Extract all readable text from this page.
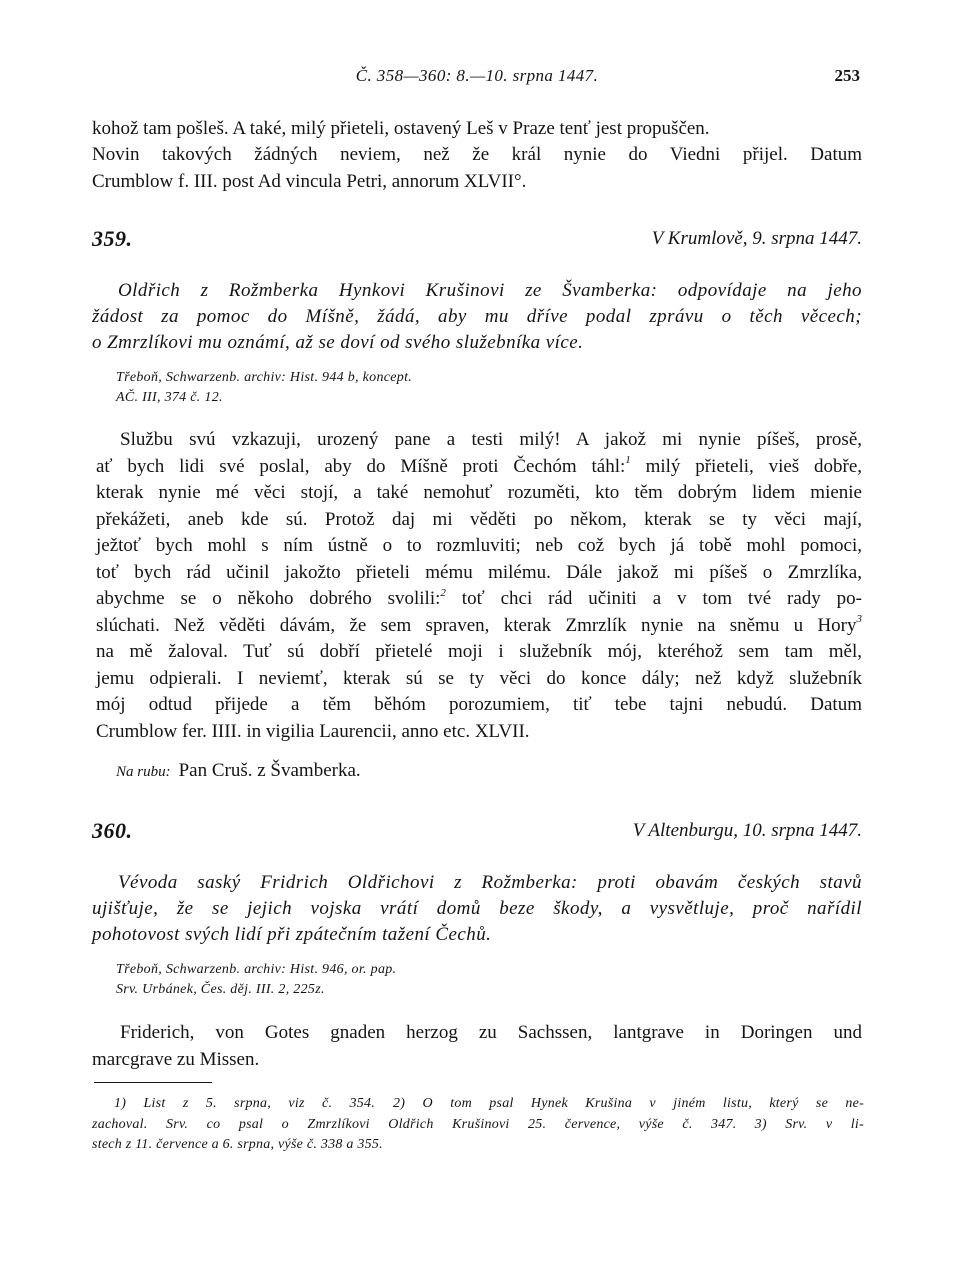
Č. 358—360: 8.—10. srpna 1447.	253
kohož tam pošleš. A také, milý přieteli, ostavený Leš v Praze tenť jest propuščen.
Novin takových žádných neviem, než že král nynie do Viedni přijel. Datum
Crumblow f. III. post Ad vincula Petri, annorum XLVII°.
359.	V Krumlově, 9. srpna 1447.
Oldřich z Rožmberka Hynkovi Krušinovi ze Švamberka: odpovídaje na jeho
žádost za pomoc do Míšně, žádá, aby mu dříve podal zprávu o těch věcech;
o Zmrzlíkovi mu oznámí, až se doví od svého služebníka více.
Třeboň, Schwarzenb. archiv: Hist. 944 b, koncept.
AČ. III, 374 č. 12.
Službu svú vzkazuji, urozený pane a testi milý! A jakož mi nynie píšeš, prosě,
ať bych lidi své poslal, aby do Míšně proti Čechóm táhl:$^1$ milý přieteli, vieš dobře,
kterak nynie mé věci stojí, a také nemohuť rozuměti, kto těm dobrým lidem mienie
překážeti, aneb kde sú. Protož daj mi věděti po někom, kterak se ty věci mají,
ježtoť bych mohl s ním ústně o to rozmluviti; neb což bych já tobě mohl pomoci,
toť bych rád učinil jakožto přieteli mému milému. Dále jakož mi píšeš o Zmrzlíka,
abychme se o někoho dobrého svolili:$^2$ toť chci rád učiniti a v tom tvé rady po-
slúchati. Než věděti dávám, že sem spraven, kterak Zmrzlík nynie na sněmu u Hory$^3$
na mě žaloval. Tuť sú dobří přietelé moji i služebník mój, kteréhož sem tam měl,
jemu odpierali. I neviemť, kterak sú se ty věci do konce dály; než když služebník
mój odtud přijede a těm běhóm porozumiem, tiť tebe tajni nebudú. Datum
Crumblow fer. IIII. in vigilia Laurencii, anno etc. XLVII.
Na rubu: Pan Cruš. z Švamberka.
360.	V Altenburgu, 10. srpna 1447.
Vévoda saský Fridrich Oldřichovi z Rožmberka: proti obavám českých stavů
ujišťuje, že se jejich vojska vrátí domů beze škody, a vysvětluje, proč nařídil
pohotovost svých lidí při zpátečním tažení Čechů.
Třeboň, Schwarzenb. archiv: Hist. 946, or. pap.
Srv. Urbánek, Čes. děj. III. 2, 225z.
Friderich, von Gotes gnaden herzog zu Sachssen, lantgrave in Doringen und
marcgrave zu Missen.
1) List z 5. srpna, viz č. 354. 2) O tom psal Hynek Krušina v jiném listu, který se ne-
zachoval. Srv. co psal o Zmrzlíkovi Oldřich Krušinovi 25. července, výše č. 347. 3) Srv. v li-
stech z 11. července a 6. srpna, výše č. 338 a 355.
